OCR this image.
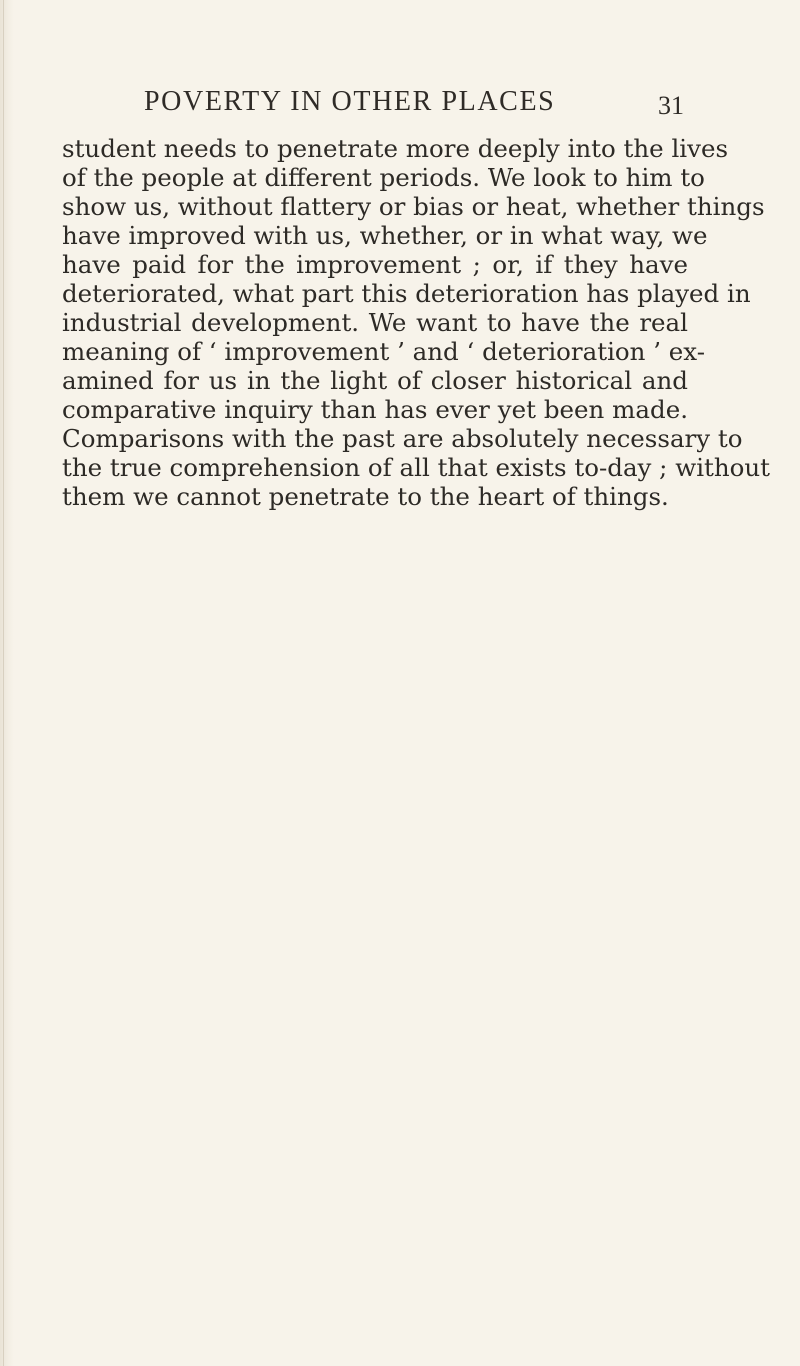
POVERTY IN OTHER PLACES	31
student needs to penetrate more deeply into the lives
of the people at different periods. We look to him to
show us, without flattery or bias or heat, whether things
have improved with us, whether, or in what way, we
have paid for the improvement ; or, if they have
deteriorated, what part this deterioration has played in
industrial development. We want to have the real
meaning of ‘ improvement ’ and ‘ deterioration ’ ex-
amined for us in the light of closer historical and
comparative inquiry than has ever yet been made.
Comparisons with the past are absolutely necessary to
the true comprehension of all that exists to-day ; without
them we cannot penetrate to the heart of things.
